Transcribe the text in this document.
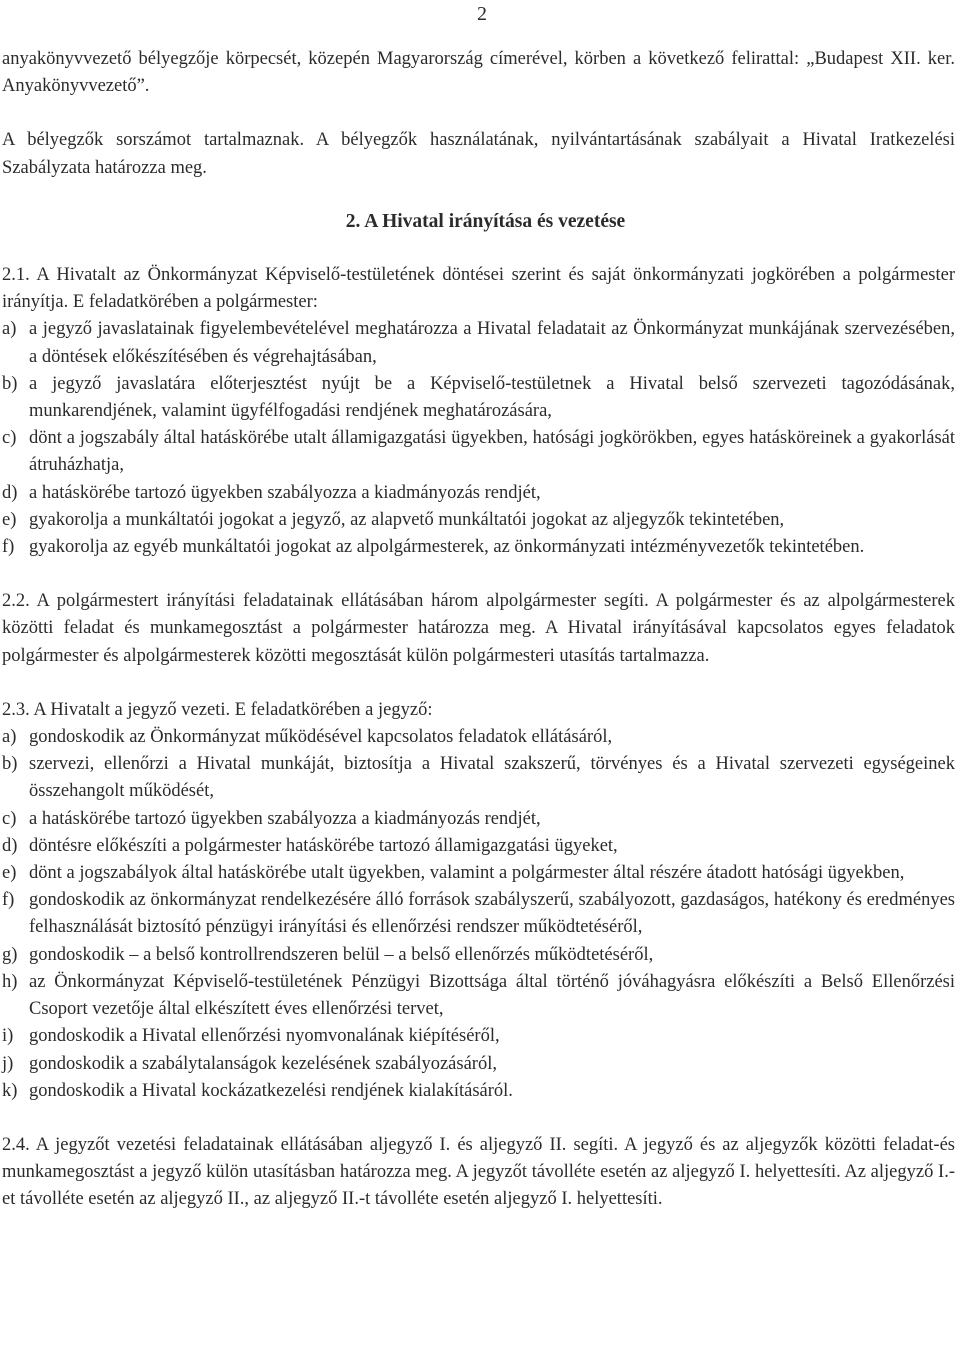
2

anyakönyvvezető bélyegzője körpecsét, közepén Magyarország címerével, körben a következő felirattal: „Budapest XII. ker. Anyakönyvvezető”.

A bélyegzők sorszámot tartalmaznak. A bélyegzők használatának, nyilvántartásának szabályait a Hivatal Iratkezelési Szabályzata határozza meg.

2. A Hivatal irányítása és vezetése

2.1. A Hivatalt az Önkormányzat Képviselő-testületének döntései szerint és saját önkormányzati jogkörében a polgármester irányítja. E feladatkörében a polgármester:

a) a jegyző javaslatainak figyelembevételével meghatározza a Hivatal feladatait az Önkormányzat munkájának szervezésében, a döntések előkészítésében és végrehajtásában,
b) a jegyző javaslatára előterjesztést nyújt be a Képviselő-testületnek a Hivatal belső szervezeti tagozódásának, munkarendjének, valamint ügyfélfogadási rendjének meghatározására,
c) dönt a jogszabály által hatáskörébe utalt államigazgatási ügyekben, hatósági jogkörökben, egyes hatásköreinek a gyakorlását átruházhatja,
d) a hatáskörébe tartozó ügyekben szabályozza a kiadmányozás rendjét,
e) gyakorolja a munkáltatói jogokat a jegyző, az alapvető munkáltatói jogokat az aljegyzők tekintetében,
f) gyakorolja az egyéb munkáltatói jogokat az alpolgármesterek, az önkormányzati intézményvezetők tekintetében.

2.2. A polgármestert irányítási feladatainak ellátásában három alpolgármester segíti. A polgármester és az alpolgármesterek közötti feladat és munkamegosztást a polgármester határozza meg. A Hivatal irányításával kapcsolatos egyes feladatok polgármester és alpolgármesterek közötti megosztását külön polgármesteri utasítás tartalmazza.

2.3. A Hivatalt a jegyző vezeti. E feladatkörében a jegyző:

a) gondoskodik az Önkormányzat működésével kapcsolatos feladatok ellátásáról,
b) szervezi, ellenőrzi a Hivatal munkáját, biztosítja a Hivatal szakszerű, törvényes és a Hivatal szervezeti egységeinek összehangolt működését,
c) a hatáskörébe tartozó ügyekben szabályozza a kiadmányozás rendjét,
d) döntésre előkészíti a polgármester hatáskörébe tartozó államigazgatási ügyeket,
e) dönt a jogszabályok által hatáskörébe utalt ügyekben, valamint a polgármester által részére átadott hatósági ügyekben,
f) gondoskodik az önkormányzat rendelkezésére álló források szabályszerű, szabályozott, gazdaságos, hatékony és eredményes felhasználását biztosító pénzügyi irányítási és ellenőrzési rendszer működtetéséről,
g) gondoskodik – a belső kontrollrendszeren belül – a belső ellenőrzés működtetéséről,
h) az Önkormányzat Képviselő-testületének Pénzügyi Bizottsága által történő jóváhagyásra előkészíti a Belső Ellenőrzési Csoport vezetője által elkészített éves ellenőrzési tervet,
i) gondoskodik a Hivatal ellenőrzési nyomvonalának kiépítéséről,
j) gondoskodik a szabálytalanságok kezelésének szabályozásáról,
k) gondoskodik a Hivatal kockázatkezelési rendjének kialakításáról.

2.4. A jegyzőt vezetési feladatainak ellátásában aljegyző I. és aljegyző II. segíti. A jegyző és az aljegyzők közötti feladat-és munkamegosztást a jegyző külön utasításban határozza meg. A jegyzőt távolléte esetén az aljegyző I. helyettesíti. Az aljegyző I.-et távolléte esetén az aljegyző II., az aljegyző II.-t távolléte esetén aljegyző I. helyettesíti.
